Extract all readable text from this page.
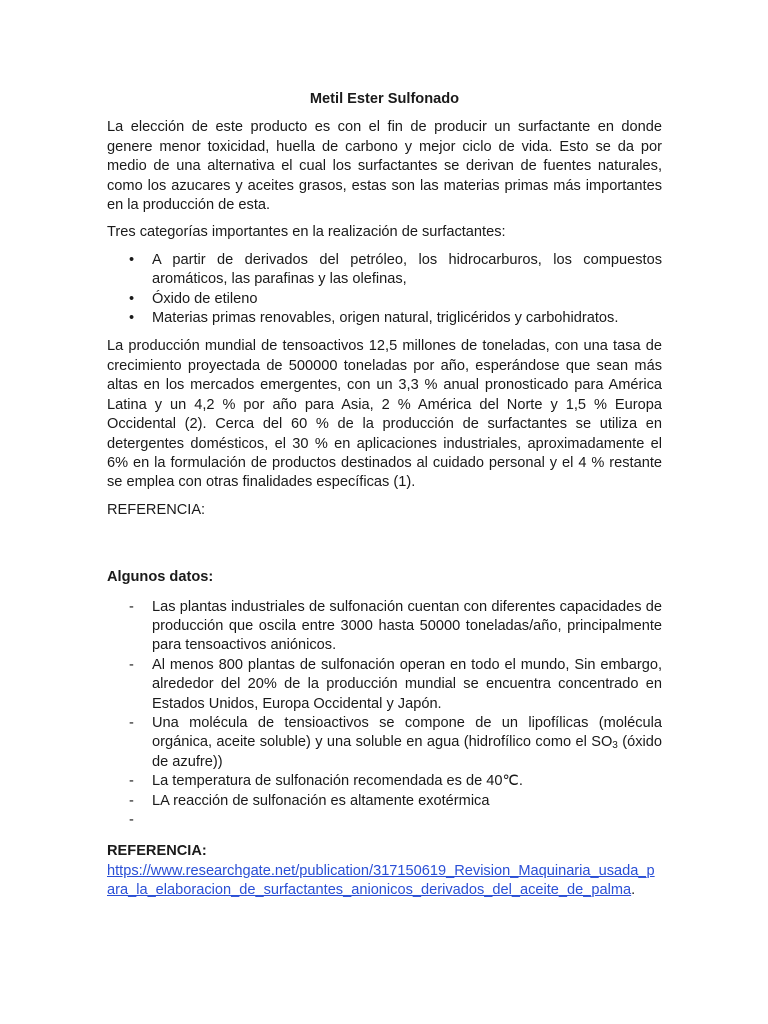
Metil Ester Sulfonado

La elección de este producto es con el fin de producir un surfactante en donde genere menor toxicidad, huella de carbono y mejor ciclo de vida. Esto se da por medio de una alternativa el cual los surfactantes se derivan de fuentes naturales, como los azucares y aceites grasos, estas son las materias primas más importantes en la producción de esta.

Tres categorías importantes en la realización de surfactantes:

• A partir de derivados del petróleo, los hidrocarburos, los compuestos aromáticos, las parafinas y las olefinas,
• Óxido de etileno
• Materias primas renovables, origen natural, triglicéridos y carbohidratos.

La producción mundial de tensoactivos 12,5 millones de toneladas, con una tasa de crecimiento proyectada de 500000 toneladas por año, esperándose que sean más altas en los mercados emergentes, con un 3,3 % anual pronosticado para América Latina y un 4,2 % por año para Asia, 2 % América del Norte y 1,5 % Europa Occidental (2). Cerca del 60 % de la producción de surfactantes se utiliza en detergentes domésticos, el 30 % en aplicaciones industriales, aproximadamente el 6% en la formulación de productos destinados al cuidado personal y el 4 % restante se emplea con otras finalidades específicas (1).

REFERENCIA:

Algunos datos:
- Las plantas industriales de sulfonación cuentan con diferentes capacidades de producción que oscila entre 3000 hasta 50000 toneladas/año, principalmente para tensoactivos aniónicos.
- Al menos 800 plantas de sulfonación operan en todo el mundo, Sin embargo, alrededor del 20% de la producción mundial se encuentra concentrado en Estados Unidos, Europa Occidental y Japón.
- Una molécula de tensioactivos se compone de un lipofílicas (molécula orgánica, aceite soluble) y una soluble en agua (hidrofílico como el $SO_3$ (óxido de azufre))
- La temperatura de sulfonación recomendada es de 40℃.
- LA reacción de sulfonación es altamente exotérmica
-
REFERENCIA:
https://www.researchgate.net/publication/317150619_Revision_Maquinaria_usada_para_la_elaboracion_de_surfactantes_anionicos_derivados_del_aceite_de_palma.
